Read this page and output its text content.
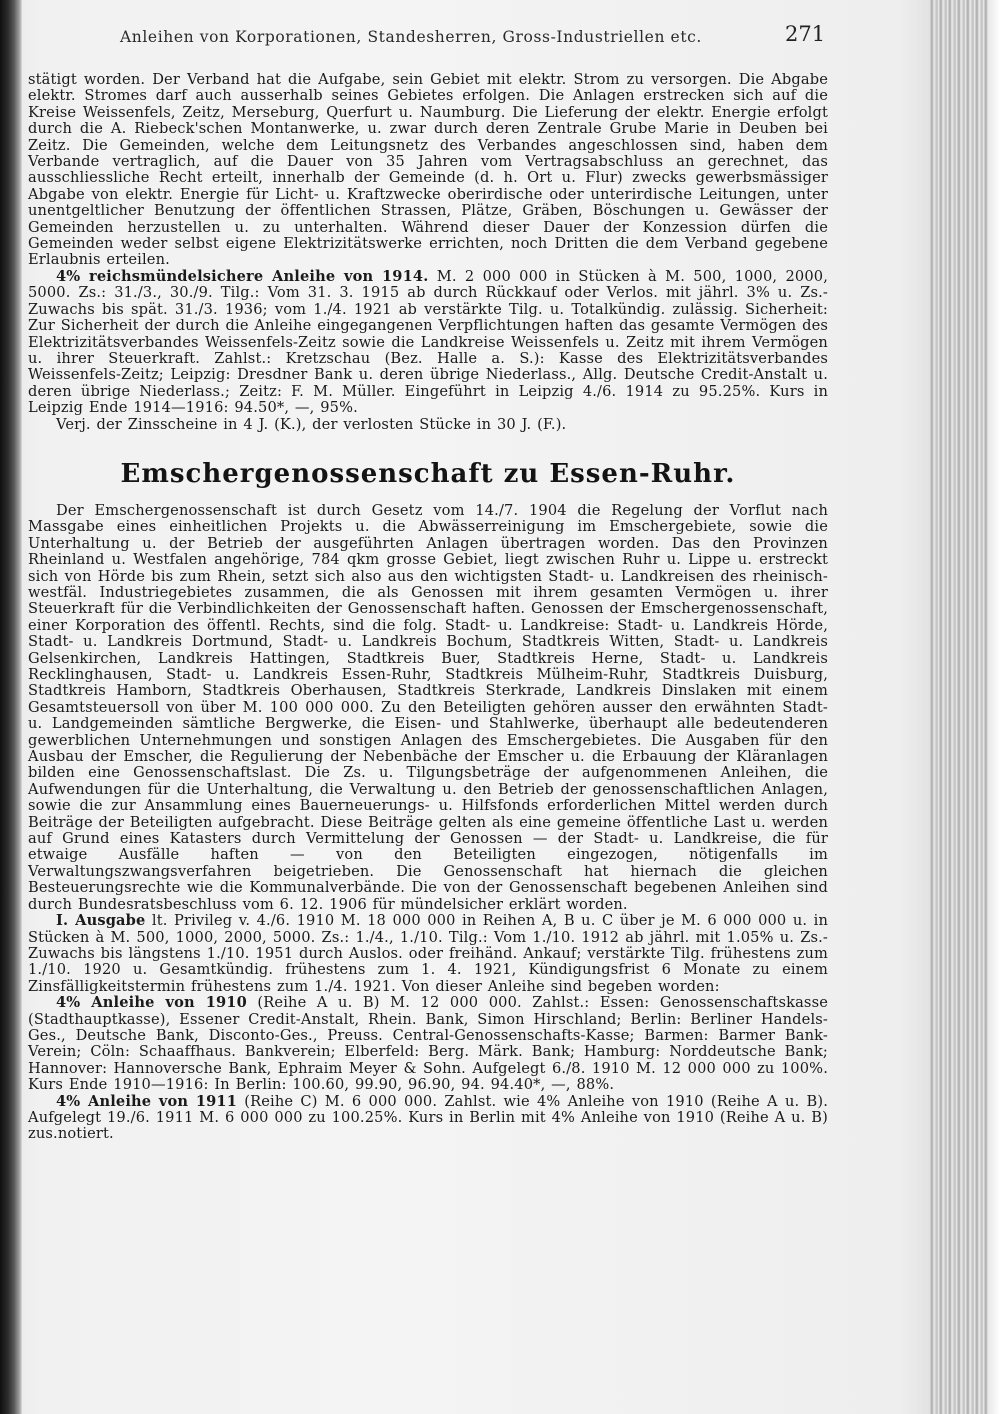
Anleihen von Korporationen, Standesherren, Gross-Industriellen etc.	271

stätigt worden. Der Verband hat die Aufgabe, sein Gebiet mit elektr. Strom zu versorgen. Die Abgabe elektr. Stromes darf auch ausserhalb seines Gebietes erfolgen. Die Anlagen erstrecken sich auf die Kreise Weissenfels, Zeitz, Merseburg, Querfurt u. Naumburg. Die Lieferung der elektr. Energie erfolgt durch die A. Riebeck'schen Montanwerke, u. zwar durch deren Zentrale Grube Marie in Deuben bei Zeitz. Die Gemeinden, welche dem Leitungsnetz des Verbandes angeschlossen sind, haben dem Verbande vertraglich, auf die Dauer von 35 Jahren vom Vertragsabschluss an gerechnet, das ausschliessliche Recht erteilt, innerhalb der Gemeinde (d. h. Ort u. Flur) zwecks gewerbsmässiger Abgabe von elektr. Energie für Licht- u. Kraftzwecke oberirdische oder unterirdische Leitungen, unter unentgeltlicher Benutzung der öffentlichen Strassen, Plätze, Gräben, Böschungen u. Gewässer der Gemeinden herzustellen u. zu unterhalten. Während dieser Dauer der Konzession dürfen die Gemeinden weder selbst eigene Elektrizitätswerke errichten, noch Dritten die dem Verband gegebene Erlaubnis erteilen.

4% reichsmündelsichere Anleihe von 1914. M. 2 000 000 in Stücken à M. 500, 1000, 2000, 5000. Zs.: 31./3., 30./9. Tilg.: Vom 31. 3. 1915 ab durch Rückkauf oder Verlos. mit jährl. 3% u. Zs.-Zuwachs bis spät. 31./3. 1936; vom 1./4. 1921 ab verstärkte Tilg. u. Totalkündig. zulässig. Sicherheit: Zur Sicherheit der durch die Anleihe eingegangenen Verpflichtungen haften das gesamte Vermögen des Elektrizitätsverbandes Weissenfels-Zeitz sowie die Landkreise Weissenfels u. Zeitz mit ihrem Vermögen u. ihrer Steuerkraft. Zahlst.: Kretzschau (Bez. Halle a. S.): Kasse des Elektrizitätsverbandes Weissenfels-Zeitz; Leipzig: Dresdner Bank u. deren übrige Niederlass., Allg. Deutsche Credit-Anstalt u. deren übrige Niederlass.; Zeitz: F. M. Müller. Eingeführt in Leipzig 4./6. 1914 zu 95.25%. Kurs in Leipzig Ende 1914—1916: 94.50*, —, 95%.

Verj. der Zinsscheine in 4 J. (K.), der verlosten Stücke in 30 J. (F.).

Emschergenossenschaft zu Essen-Ruhr.

Der Emschergenossenschaft ist durch Gesetz vom 14./7. 1904 die Regelung der Vorflut nach Massgabe eines einheitlichen Projekts u. die Abwässerreinigung im Emschergebiete, sowie die Unterhaltung u. der Betrieb der ausgeführten Anlagen übertragen worden. Das den Provinzen Rheinland u. Westfalen angehörige, 784 qkm grosse Gebiet, liegt zwischen Ruhr u. Lippe u. erstreckt sich von Hörde bis zum Rhein, setzt sich also aus den wichtigsten Stadt- u. Landkreisen des rheinisch-westfäl. Industriegebietes zusammen, die als Genossen mit ihrem gesamten Vermögen u. ihrer Steuerkraft für die Verbindlichkeiten der Genossenschaft haften. Genossen der Emschergenossenschaft, einer Korporation des öffentl. Rechts, sind die folg. Stadt- u. Landkreise: Stadt- u. Landkreis Hörde, Stadt- u. Landkreis Dortmund, Stadt- u. Landkreis Bochum, Stadtkreis Witten, Stadt- u. Landkreis Gelsenkirchen, Landkreis Hattingen, Stadtkreis Buer, Stadtkreis Herne, Stadt- u. Landkreis Recklinghausen, Stadt- u. Landkreis Essen-Ruhr, Stadtkreis Mülheim-Ruhr, Stadtkreis Duisburg, Stadtkreis Hamborn, Stadtkreis Oberhausen, Stadtkreis Sterkrade, Landkreis Dinslaken mit einem Gesamtsteuersoll von über M. 100 000 000. Zu den Beteiligten gehören ausser den erwähnten Stadt- u. Landgemeinden sämtliche Bergwerke, die Eisen- und Stahlwerke, überhaupt alle bedeutenderen gewerblichen Unternehmungen und sonstigen Anlagen des Emschergebietes. Die Ausgaben für den Ausbau der Emscher, die Regulierung der Nebenbäche der Emscher u. die Erbauung der Kläranlagen bilden eine Genossenschaftslast. Die Zs. u. Tilgungsbeträge der aufgenommenen Anleihen, die Aufwendungen für die Unterhaltung, die Verwaltung u. den Betrieb der genossenschaftlichen Anlagen, sowie die zur Ansammlung eines Bauerneuerungs- u. Hilfsfonds erforderlichen Mittel werden durch Beiträge der Beteiligten aufgebracht. Diese Beiträge gelten als eine gemeine öffentliche Last u. werden auf Grund eines Katasters durch Vermittelung der Genossen — der Stadt- u. Landkreise, die für etwaige Ausfälle haften — von den Beteiligten eingezogen, nötigenfalls im Verwaltungszwangsverfahren beigetrieben. Die Genossenschaft hat hiernach die gleichen Besteuerungsrechte wie die Kommunalverbände. Die von der Genossenschaft begebenen Anleihen sind durch Bundesratsbeschluss vom 6. 12. 1906 für mündelsicher erklärt worden.

I. Ausgabe lt. Privileg v. 4./6. 1910 M. 18 000 000 in Reihen A, B u. C über je M. 6 000 000 u. in Stücken à M. 500, 1000, 2000, 5000. Zs.: 1./4., 1./10. Tilg.: Vom 1./10. 1912 ab jährl. mit 1.05% u. Zs.-Zuwachs bis längstens 1./10. 1951 durch Auslos. oder freihänd. Ankauf; verstärkte Tilg. frühestens zum 1./10. 1920 u. Gesamtkündig. frühestens zum 1. 4. 1921, Kündigungsfrist 6 Monate zu einem Zinsfälligkeitstermin frühestens zum 1./4. 1921. Von dieser Anleihe sind begeben worden:

4% Anleihe von 1910 (Reihe A u. B) M. 12 000 000. Zahlst.: Essen: Genossenschaftskasse (Stadthauptkasse), Essener Credit-Anstalt, Rhein. Bank, Simon Hirschland; Berlin: Berliner Handels-Ges., Deutsche Bank, Disconto-Ges., Preuss. Central-Genossenschafts-Kasse; Barmen: Barmer Bank-Verein; Cöln: Schaaffhaus. Bankverein; Elberfeld: Berg. Märk. Bank; Hamburg: Norddeutsche Bank; Hannover: Hannoversche Bank, Ephraim Meyer & Sohn. Aufgelegt 6./8. 1910 M. 12 000 000 zu 100%. Kurs Ende 1910—1916: In Berlin: 100.60, 99.90, 96.90, 94. 94.40*, —, 88%.

4% Anleihe von 1911 (Reihe C) M. 6 000 000. Zahlst. wie 4% Anleihe von 1910 (Reihe A u. B). Aufgelegt 19./6. 1911 M. 6 000 000 zu 100.25%. Kurs in Berlin mit 4% Anleihe von 1910 (Reihe A u. B) zus.notiert.
